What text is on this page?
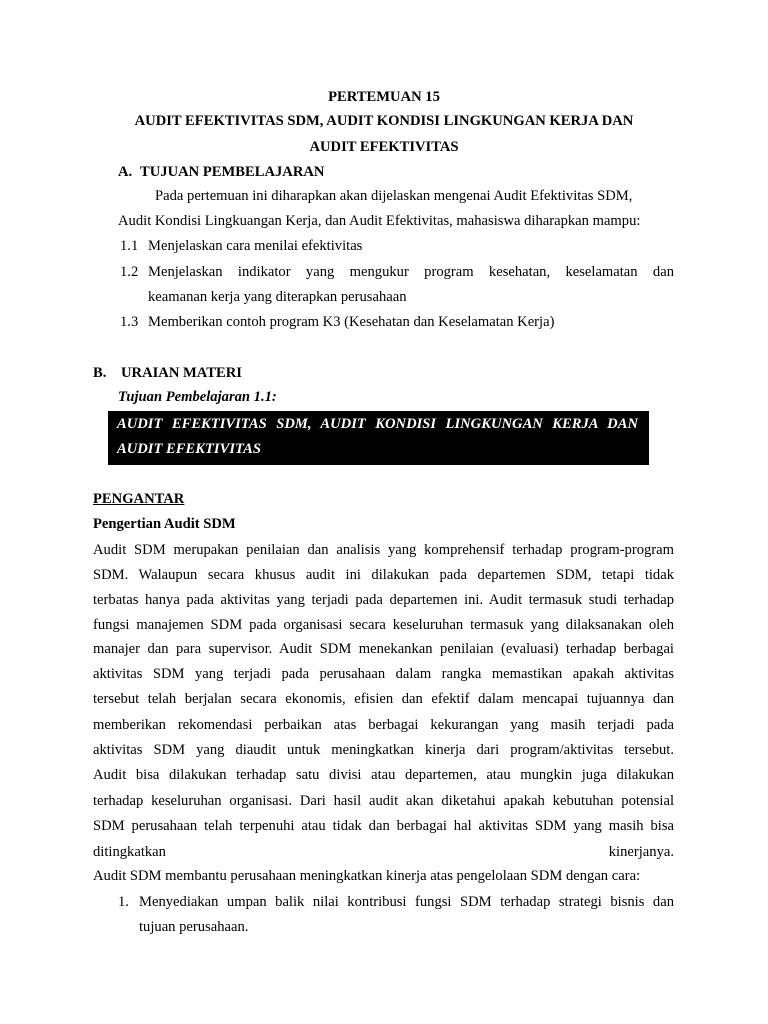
PERTEMUAN 15
AUDIT EFEKTIVITAS SDM, AUDIT KONDISI LINGKUNGAN KERJA DAN
AUDIT EFEKTIVITAS
A. TUJUAN PEMBELAJARAN
Pada pertemuan ini diharapkan akan dijelaskan mengenai Audit Efektivitas SDM,
Audit Kondisi Lingkuangan Kerja, dan Audit Efektivitas, mahasiswa diharapkan mampu:
1.1 Menjelaskan cara menilai efektivitas
1.2 Menjelaskan indikator yang mengukur program kesehatan, keselamatan dan
keamanan kerja yang diterapkan perusahaan
1.3 Memberikan contoh program K3 (Kesehatan dan Keselamatan Kerja)
B. URAIAN MATERI
Tujuan Pembelajaran 1.1:
AUDIT EFEKTIVITAS SDM, AUDIT KONDISI LINGKUNGAN KERJA DAN
AUDIT EFEKTIVITAS
PENGANTAR
Pengertian Audit SDM
Audit SDM merupakan penilaian dan analisis yang komprehensif terhadap program-program
SDM. Walaupun secara khusus audit ini dilakukan pada departemen SDM, tetapi tidak
terbatas hanya pada aktivitas yang terjadi pada departemen ini. Audit termasuk studi terhadap
fungsi manajemen SDM pada organisasi secara keseluruhan termasuk yang dilaksanakan oleh
manajer dan para supervisor. Audit SDM menekankan penilaian (evaluasi) terhadap berbagai
aktivitas SDM yang terjadi pada perusahaan dalam rangka memastikan apakah aktivitas
tersebut telah berjalan secara ekonomis, efisien dan efektif dalam mencapai tujuannya dan
memberikan rekomendasi perbaikan atas berbagai kekurangan yang masih terjadi pada
aktivitas SDM yang diaudit untuk meningkatkan kinerja dari program/aktivitas tersebut.
Audit bisa dilakukan terhadap satu divisi atau departemen, atau mungkin juga dilakukan
terhadap keseluruhan organisasi. Dari hasil audit akan diketahui apakah kebutuhan potensial
SDM perusahaan telah terpenuhi atau tidak dan berbagai hal aktivitas SDM yang masih bisa
ditingkatkan kinerjanya.
Audit SDM membantu perusahaan meningkatkan kinerja atas pengelolaan SDM dengan cara:
1. Menyediakan umpan balik nilai kontribusi fungsi SDM terhadap strategi bisnis dan
tujuan perusahaan.
